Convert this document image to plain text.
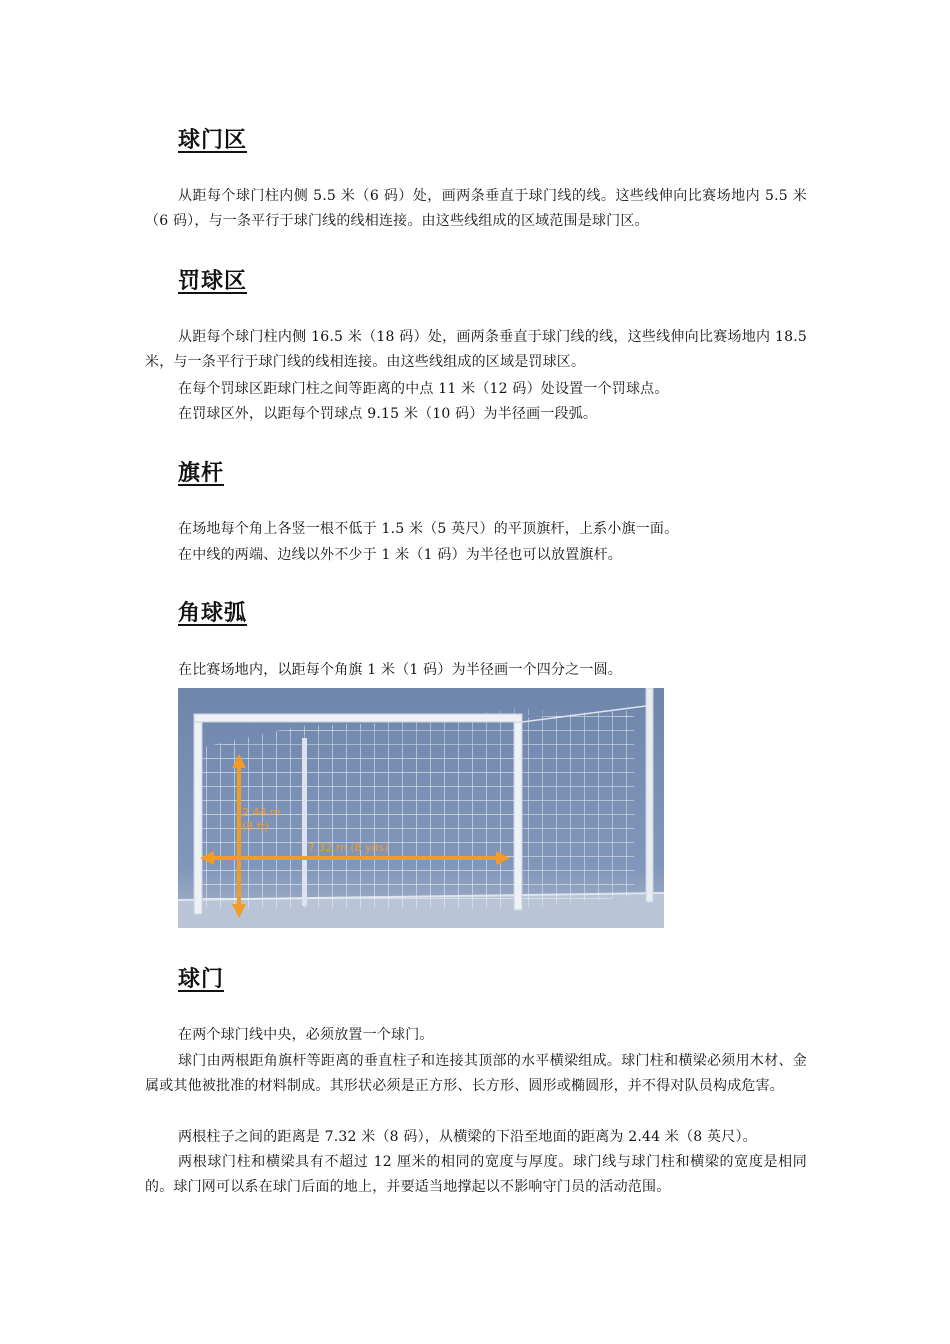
球门区

从距每个球门柱内侧 5.5 米（6 码）处，画两条垂直于球门线的线。这些线伸向比赛场地内 5.5 米（6 码），与一条平行于球门线的线相连接。由这些线组成的区域范围是球门区。

罚球区

从距每个球门柱内侧 16.5 米（18 码）处，画两条垂直于球门线的线，这些线伸向比赛场地内 18.5 米，与一条平行于球门线的线相连接。由这些线组成的区域是罚球区。

在每个罚球区距球门柱之间等距离的中点 11 米（12 码）处设置一个罚球点。

在罚球区外，以距每个罚球点 9.15 米（10 码）为半径画一段弧。

旗杆

在场地每个角上各竖一根不低于 1.5 米（5 英尺）的平顶旗杆，上系小旗一面。

在中线的两端、边线以外不少于 1 米（1 码）为半径也可以放置旗杆。

角球弧

在比赛场地内，以距每个角旗 1 米（1 码）为半径画一个四分之一圆。

2.44 m
(8 ft)
7.32 m (8 yds)
球门

在两个球门线中央，必须放置一个球门。

球门由两根距角旗杆等距离的垂直柱子和连接其顶部的水平横梁组成。球门柱和横梁必须用木材、金属或其他被批准的材料制成。其形状必须是正方形、长方形、圆形或椭圆形，并不得对队员构成危害。

两根柱子之间的距离是 7.32 米（8 码），从横梁的下沿至地面的距离为 2.44 米（8 英尺）。

两根球门柱和横梁具有不超过 12 厘米的相同的宽度与厚度。球门线与球门柱和横梁的宽度是相同的。球门网可以系在球门后面的地上，并要适当地撑起以不影响守门员的活动范围。
